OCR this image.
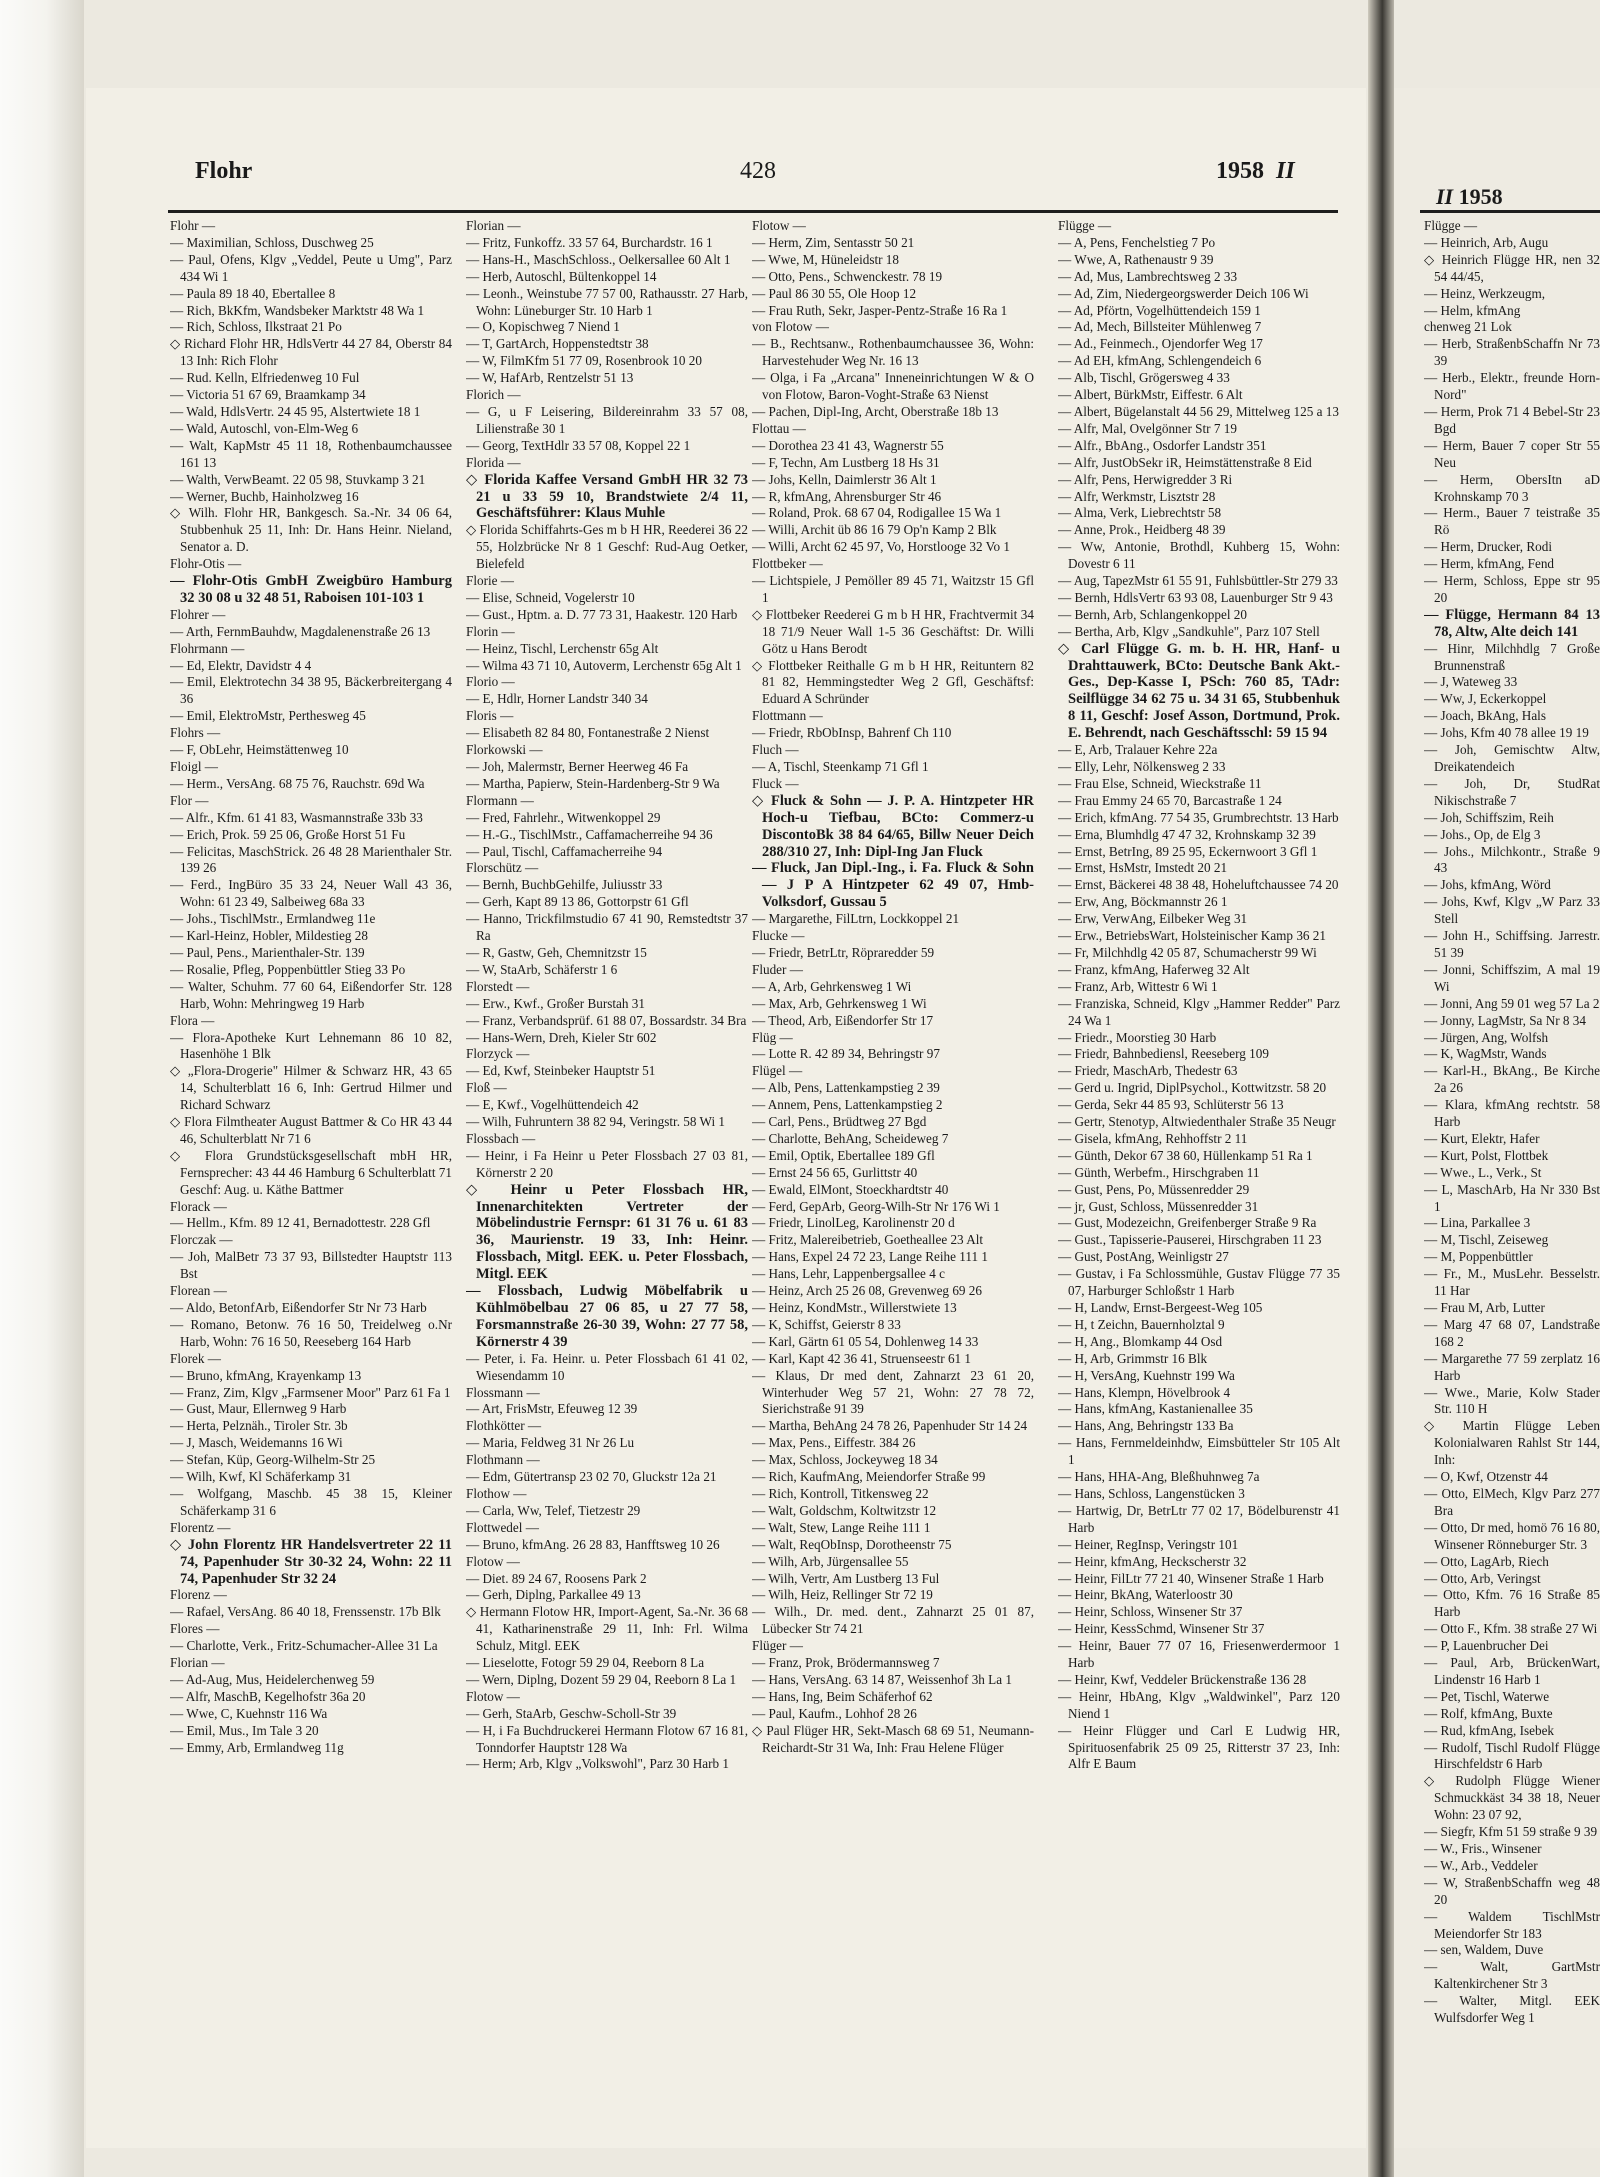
Flohr	428	1958 II
II 1958

Flohr —

— Maximilian, Schloss, Duschweg 25

— Paul, Ofens, Klgv „Veddel, Peute u Umg", Parz 434 Wi 1

— Paula 89 18 40, Ebertallee 8

— Rich, BkKfm, Wandsbeker Marktstr 48 Wa 1

— Rich, Schloss, Ilkstraat 21 Po

◇ Richard Flohr HR, HdlsVertr 44 27 84, Oberstr 84 13 Inh: Rich Flohr

— Rud. Kelln, Elfriedenweg 10 Ful

— Victoria 51 67 69, Braamkamp 34

— Wald, HdlsVertr. 24 45 95, Alstertwiete 18 1

— Wald, Autoschl, von-Elm-Weg 6

— Walt, KapMstr 45 11 18, Rothenbaumchaussee 161 13

— Walth, VerwBeamt. 22 05 98, Stuvkamp 3 21

— Werner, Buchb, Hainholzweg 16

◇ Wilh. Flohr HR, Bankgesch. Sa.-Nr. 34 06 64, Stubbenhuk 25 11, Inh: Dr. Hans Heinr. Nieland, Senator a. D.

Flohr-Otis —

— Flohr-Otis GmbH Zweigbüro Hamburg 32 30 08 u 32 48 51, Raboisen 101-103 1

Flohrer —

— Arth, FernmBauhdw, Magdalenenstraße 26 13

Flohrmann —

— Ed, Elektr, Davidstr 4 4

— Emil, Elektrotechn 34 38 95, Bäckerbreitergang 4 36

— Emil, ElektroMstr, Perthesweg 45

Flohrs —

— F, ObLehr, Heimstättenweg 10

Floigl —

— Herm., VersAng. 68 75 76, Rauchstr. 69d Wa

Flor —

— Alfr., Kfm. 61 41 83, Wasmannstraße 33b 33

— Erich, Prok. 59 25 06, Große Horst 51 Fu

— Felicitas, MaschStrick. 26 48 28 Marienthaler Str. 139 26

— Ferd., IngBüro 35 33 24, Neuer Wall 43 36, Wohn: 61 23 49, Salbeiweg 68a 33

— Johs., TischlMstr., Ermlandweg 11e

— Karl-Heinz, Hobler, Mildestieg 28

— Paul, Pens., Marienthaler-Str. 139

— Rosalie, Pfleg, Poppenbüttler Stieg 33 Po

— Walter, Schuhm. 77 60 64, Eißendorfer Str. 128 Harb, Wohn: Mehringweg 19 Harb

Flora —

— Flora-Apotheke Kurt Lehnemann 86 10 82, Hasenhöhe 1 Blk

◇ „Flora-Drogerie" Hilmer & Schwarz HR, 43 65 14, Schulterblatt 16 6, Inh: Gertrud Hilmer und Richard Schwarz

◇ Flora Filmtheater August Battmer & Co HR 43 44 46, Schulterblatt Nr 71 6

◇ Flora Grundstücksgesellschaft mbH HR, Fernsprecher: 43 44 46 Hamburg 6 Schulterblatt 71 Geschf: Aug. u. Käthe Battmer

Florack —

— Hellm., Kfm. 89 12 41, Bernadottestr. 228 Gfl

Florczak —

— Joh, MalBetr 73 37 93, Billstedter Hauptstr 113 Bst

Florean —

— Aldo, BetonfArb, Eißendorfer Str Nr 73 Harb

— Romano, Betonw. 76 16 50, Treidelweg o.Nr Harb, Wohn: 76 16 50, Reeseberg 164 Harb

Florek —

— Bruno, kfmAng, Krayenkamp 13

— Franz, Zim, Klgv „Farmsener Moor" Parz 61 Fa 1

— Gust, Maur, Ellernweg 9 Harb

— Herta, Pelznäh., Tiroler Str. 3b

— J, Masch, Weidemanns 16 Wi

— Stefan, Küp, Georg-Wilhelm-Str 25

— Wilh, Kwf, Kl Schäferkamp 31

— Wolfgang, Maschb. 45 38 15, Kleiner Schäferkamp 31 6

Florentz —

◇ John Florentz HR Handelsvertreter 22 11 74, Papenhuder Str 30-32 24, Wohn: 22 11 74, Papenhuder Str 32 24

Florenz —

— Rafael, VersAng. 86 40 18, Frenssenstr. 17b Blk

Flores —

— Charlotte, Verk., Fritz-Schumacher-Allee 31 La

Florian —

— Ad-Aug, Mus, Heidelerchenweg 59

— Alfr, MaschB, Kegelhofstr 36a 20

— Wwe, C, Kuehnstr 116 Wa

— Emil, Mus., Im Tale 3 20

— Emmy, Arb, Ermlandweg 11g

Florian —

— Fritz, Funkoffz. 33 57 64, Burchardstr. 16 1

— Hans-H., MaschSchloss., Oelkersallee 60 Alt 1

— Herb, Autoschl, Bültenkoppel 14

— Leonh., Weinstube 77 57 00, Rathausstr. 27 Harb, Wohn: Lüneburger Str. 10 Harb 1

— O, Kopischweg 7 Niend 1

— T, GartArch, Hoppenstedtstr 38

— W, FilmKfm 51 77 09, Rosenbrook 10 20

— W, HafArb, Rentzelstr 51 13

Florich —

— G, u F Leisering, Bildereinrahm 33 57 08, Lilienstraße 30 1

— Georg, TextHdlr 33 57 08, Koppel 22 1

Florida —

◇ Florida Kaffee Versand GmbH HR 32 73 21 u 33 59 10, Brandstwiete 2/4 11, Geschäftsführer: Klaus Muhle

◇ Florida Schiffahrts-Ges m b H HR, Reederei 36 22 55, Holzbrücke Nr 8 1 Geschf: Rud-Aug Oetker, Bielefeld

Florie —

— Elise, Schneid, Vogelerstr 10

— Gust., Hptm. a. D. 77 73 31, Haakestr. 120 Harb

Florin —

— Heinz, Tischl, Lerchenstr 65g Alt

— Wilma 43 71 10, Autoverm, Lerchenstr 65g Alt 1

Florio —

— E, Hdlr, Horner Landstr 340 34

Floris —

— Elisabeth 82 84 80, Fontanestraße 2 Nienst

Florkowski —

— Joh, Malermstr, Berner Heerweg 46 Fa

— Martha, Papierw, Stein-Hardenberg-Str 9 Wa

Flormann —

— Fred, Fahrlehr., Witwenkoppel 29

— H.-G., TischlMstr., Caffamacherreihe 94 36

— Paul, Tischl, Caffamacherreihe 94

Florschütz —

— Bernh, BuchbGehilfe, Juliusstr 33

— Gerh, Kapt 89 13 86, Gottorpstr 61 Gfl

— Hanno, Trickfilmstudio 67 41 90, Remstedtstr 37 Ra

— R, Gastw, Geh, Chemnitzstr 15

— W, StaArb, Schäferstr 1 6

Florstedt —

— Erw., Kwf., Großer Burstah 31

— Franz, Verbandsprüf. 61 88 07, Bossardstr. 34 Bra

— Hans-Wern, Dreh, Kieler Str 602

Florzyck —

— Ed, Kwf, Steinbeker Hauptstr 51

Floß —

— E, Kwf., Vogelhüttendeich 42

— Wilh, Fuhruntern 38 82 94, Veringstr. 58 Wi 1

Flossbach —

— Heinr, i Fa Heinr u Peter Flossbach 27 03 81, Körnerstr 2 20

◇ Heinr u Peter Flossbach HR, Innenarchitekten Vertreter der Möbelindustrie Fernspr: 61 31 76 u. 61 83 36, Maurienstr. 19 33, Inh: Heinr. Flossbach, Mitgl. EEK. u. Peter Flossbach, Mitgl. EEK

— Flossbach, Ludwig Möbelfabrik u Kühlmöbelbau 27 06 85, u 27 77 58, Forsmannstraße 26-30 39, Wohn: 27 77 58, Körnerstr 4 39

— Peter, i. Fa. Heinr. u. Peter Flossbach 61 41 02, Wiesendamm 10

Flossmann —

— Art, FrisMstr, Efeuweg 12 39

Flothkötter —

— Maria, Feldweg 31 Nr 26 Lu

Flothmann —

— Edm, Gütertransp 23 02 70, Gluckstr 12a 21

Flothow —

— Carla, Ww, Telef, Tietzestr 29

Flottwedel —

— Bruno, kfmAng. 26 28 83, Hanfftsweg 10 26

Flotow —

— Diet. 89 24 67, Roosens Park 2

— Gerh, Diplng, Parkallee 49 13

◇ Hermann Flotow HR, Import-Agent, Sa.-Nr. 36 68 41, Katharinenstraße 29 11, Inh: Frl. Wilma Schulz, Mitgl. EEK

— Lieselotte, Fotogr 59 29 04, Reeborn 8 La

— Wern, Diplng, Dozent 59 29 04, Reeborn 8 La 1

Flotow —

— Gerh, StaArb, Geschw-Scholl-Str 39

— H, i Fa Buchdruckerei Hermann Flotow 67 16 81, Tonndorfer Hauptstr 128 Wa

— Herm; Arb, Klgv „Volkswohl", Parz 30 Harb 1

Flotow —

— Herm, Zim, Sentasstr 50 21

— Wwe, M, Hüneleidstr 18

— Otto, Pens., Schwenckestr. 78 19

— Paul 86 30 55, Ole Hoop 12

— Frau Ruth, Sekr, Jasper-Pentz-Straße 16 Ra 1

von Flotow —

— B., Rechtsanw., Rothenbaumchaussee 36, Wohn: Harvestehuder Weg Nr. 16 13

— Olga, i Fa „Arcana" Inneneinrichtungen W & O von Flotow, Baron-Voght-Straße 63 Nienst

— Pachen, Dipl-Ing, Archt, Oberstraße 18b 13

Flottau —

— Dorothea 23 41 43, Wagnerstr 55

— F, Techn, Am Lustberg 18 Hs 31

— Johs, Kelln, Daimlerstr 36 Alt 1

— R, kfmAng, Ahrensburger Str 46

— Roland, Prok. 68 67 04, Rodigallee 15 Wa 1

— Willi, Archit üb 86 16 79 Op'n Kamp 2 Blk

— Willi, Archt 62 45 97, Vo, Horstlooge 32 Vo 1

Flottbeker —

— Lichtspiele, J Pemöller 89 45 71, Waitzstr 15 Gfl 1

◇ Flottbeker Reederei G m b H HR, Frachtvermit 34 18 71/9 Neuer Wall 1-5 36 Geschäftst: Dr. Willi Götz u Hans Berodt

◇ Flottbeker Reithalle G m b H HR, Reituntern 82 81 82, Hemmingstedter Weg 2 Gfl, Geschäftsf: Eduard A Schründer

Flottmann —

— Friedr, RbObInsp, Bahrenf Ch 110

Fluch —

— A, Tischl, Steenkamp 71 Gfl 1

Fluck —

◇ Fluck & Sohn — J. P. A. Hintzpeter HR Hoch-u Tiefbau, BCto: Commerz-u DiscontoBk 38 84 64/65, Billw Neuer Deich 288/310 27, Inh: Dipl-Ing Jan Fluck

— Fluck, Jan Dipl.-Ing., i. Fa. Fluck & Sohn — J P A Hintzpeter 62 49 07, Hmb-Volksdorf, Gussau 5

— Margarethe, FilLtrn, Lockkoppel 21

Flucke —

— Friedr, BetrLtr, Röpraredder 59

Fluder —

— A, Arb, Gehrkensweg 1 Wi

— Max, Arb, Gehrkensweg 1 Wi

— Theod, Arb, Eißendorfer Str 17

Flüg —

— Lotte R. 42 89 34, Behringstr 97

Flügel —

— Alb, Pens, Lattenkampstieg 2 39

— Annem, Pens, Lattenkampstieg 2

— Carl, Pens., Brüdtweg 27 Bgd

— Charlotte, BehAng, Scheideweg 7

— Emil, Optik, Ebertallee 189 Gfl

— Ernst 24 56 65, Gurlittstr 40

— Ewald, ElMont, Stoeckhardtstr 40

— Ferd, GepArb, Georg-Wilh-Str Nr 176 Wi 1

— Friedr, LinolLeg, Karolinenstr 20 d

— Fritz, Malereibetrieb, Goetheallee 23 Alt

— Hans, Expel 24 72 23, Lange Reihe 111 1

— Hans, Lehr, Lappenbergsallee 4 c

— Heinz, Arch 25 26 08, Grevenweg 69 26

— Heinz, KondMstr., Willerstwiete 13

— K, Schiffst, Geierstr 8 33

— Karl, Gärtn 61 05 54, Dohlenweg 14 33

— Karl, Kapt 42 36 41, Struenseestr 61 1

— Klaus, Dr med dent, Zahnarzt 23 61 20, Winterhuder Weg 57 21, Wohn: 27 78 72, Sierichstraße 91 39

— Martha, BehAng 24 78 26, Papenhuder Str 14 24

— Max, Pens., Eiffestr. 384 26

— Max, Schloss, Jockeyweg 18 34

— Rich, KaufmAng, Meiendorfer Straße 99

— Rich, Kontroll, Titkensweg 22

— Walt, Goldschm, Koltwitzstr 12

— Walt, Stew, Lange Reihe 111 1

— Walt, ReqObInsp, Dorotheenstr 75

— Wilh, Arb, Jürgensallee 55

— Wilh, Vertr, Am Lustberg 13 Ful

— Wilh, Heiz, Rellinger Str 72 19

— Wilh., Dr. med. dent., Zahnarzt 25 01 87, Lübecker Str 74 21

Flüger —

— Franz, Prok, Brödermannsweg 7

— Hans, VersAng. 63 14 87, Weissenhof 3h La 1

— Hans, Ing, Beim Schäferhof 62

— Paul, Kaufm., Lohhof 28 26

◇ Paul Flüger HR, Sekt-Masch 68 69 51, Neumann-Reichardt-Str 31 Wa, Inh: Frau Helene Flüger

Flügge —

— A, Pens, Fenchelstieg 7 Po

— Wwe, A, Rathenaustr 9 39

— Ad, Mus, Lambrechtsweg 2 33

— Ad, Zim, Niedergeorgswerder Deich 106 Wi

— Ad, Pförtn, Vogelhüttendeich 159 1

— Ad, Mech, Billsteiter Mühlenweg 7

— Ad., Feinmech., Ojendorfer Weg 17

— Ad EH, kfmAng, Schlengendeich 6

— Alb, Tischl, Grögersweg 4 33

— Albert, BürkMstr, Eiffestr. 6 Alt

— Albert, Bügelanstalt 44 56 29, Mittelweg 125 a 13

— Alfr, Mal, Ovelgönner Str 7 19

— Alfr., BbAng., Osdorfer Landstr 351

— Alfr, JustObSekr iR, Heimstättenstraße 8 Eid

— Alfr, Pens, Herwigredder 3 Ri

— Alfr, Werkmstr, Lisztstr 28

— Alma, Verk, Liebrechtstr 58

— Anne, Prok., Heidberg 48 39

— Ww, Antonie, Brothdl, Kuhberg 15, Wohn: Dovestr 6 11

— Aug, TapezMstr 61 55 91, Fuhlsbüttler-Str 279 33

— Bernh, HdlsVertr 63 93 08, Lauenburger Str 9 43

— Bernh, Arb, Schlangenkoppel 20

— Bertha, Arb, Klgv „Sandkuhle", Parz 107 Stell

◇ Carl Flügge G. m. b. H. HR, Hanf- u Drahttauwerk, BCto: Deutsche Bank Akt.-Ges., Dep-Kasse I, PSch: 760 85, TAdr: Seilflügge 34 62 75 u. 34 31 65, Stubbenhuk 8 11, Geschf: Josef Asson, Dortmund, Prok. E. Behrendt, nach Geschäftsschl: 59 15 94

— E, Arb, Tralauer Kehre 22a

— Elly, Lehr, Nölkensweg 2 33

— Frau Else, Schneid, Wieckstraße 11

— Frau Emmy 24 65 70, Barcastraße 1 24

— Erich, kfmAng. 77 54 35, Grumbrechtstr. 13 Harb

— Erna, Blumhdlg 47 47 32, Krohnskamp 32 39

— Ernst, BetrIng, 89 25 95, Eckernwoort 3 Gfl 1

— Ernst, HsMstr, Imstedt 20 21

— Ernst, Bäckerei 48 38 48, Hoheluftchaussee 74 20

— Erw, Ang, Böckmannstr 26 1

— Erw, VerwAng, Eilbeker Weg 31

— Erw., BetriebsWart, Holsteinischer Kamp 36 21

— Fr, Milchhdlg 42 05 87, Schumacherstr 99 Wi

— Franz, kfmAng, Haferweg 32 Alt

— Franz, Arb, Wittestr 6 Wi 1

— Franziska, Schneid, Klgv „Hammer Redder" Parz 24 Wa 1

— Friedr., Moorstieg 30 Harb

— Friedr, Bahnbediensl, Reeseberg 109

— Friedr, MaschArb, Thedestr 63

— Gerd u. Ingrid, DiplPsychol., Kottwitzstr. 58 20

— Gerda, Sekr 44 85 93, Schlüterstr 56 13

— Gertr, Stenotyp, Altwiedenthaler Straße 35 Neugr

— Gisela, kfmAng, Rehhoffstr 2 11

— Günth, Dekor 67 38 60, Hüllenkamp 51 Ra 1

— Günth, Werbefm., Hirschgraben 11

— Gust, Pens, Po, Müssenredder 29

— jr, Gust, Schloss, Müssenredder 31

— Gust, Modezeichn, Greifenberger Straße 9 Ra

— Gust., Tapisserie-Pauserei, Hirschgraben 11 23

— Gust, PostAng, Weinligstr 27

— Gustav, i Fa Schlossmühle, Gustav Flügge 77 35 07, Harburger Schloßstr 1 Harb

— H, Landw, Ernst-Bergeest-Weg 105

— H, t Zeichn, Bauernholztal 9

— H, Ang., Blomkamp 44 Osd

— H, Arb, Grimmstr 16 Blk

— H, VersAng, Kuehnstr 199 Wa

— Hans, Klempn, Hövelbrook 4

— Hans, kfmAng, Kastanienallee 35

— Hans, Ang, Behringstr 133 Ba

— Hans, Fernmeldeinhdw, Eimsbütteler Str 105 Alt 1

— Hans, HHA-Ang, Bleßhuhnweg 7a

— Hans, Schloss, Langenstücken 3

— Hartwig, Dr, BetrLtr 77 02 17, Bödelburenstr 41 Harb

— Heiner, RegInsp, Veringstr 101

— Heinr, kfmAng, Heckscherstr 32

— Heinr, FilLtr 77 21 40, Winsener Straße 1 Harb

— Heinr, BkAng, Waterloostr 30

— Heinr, Schloss, Winsener Str 37

— Heinr, KessSchmd, Winsener Str 37

— Heinr, Bauer 77 07 16, Friesenwerdermoor 1 Harb

— Heinr, Kwf, Veddeler Brückenstraße 136 28

— Heinr, HbAng, Klgv „Waldwinkel", Parz 120 Niend 1

— Heinr Flügger und Carl E Ludwig HR, Spirituosenfabrik 25 09 25, Ritterstr 37 23, Inh: Alfr E Baum

Flügge —

— Heinrich, Arb, Augu

◇ Heinrich Flügge HR, nen 32 54 44/45,

— Heinz, Werkzeugm,

— Helm, kfmAng

chenweg 21 Lok

— Herb, StraßenbSchaffn Nr 73 39

— Herb., Elektr., freunde Horn-Nord"

— Herm, Prok 71 4 Bebel-Str 23 Bgd

— Herm, Bauer 7 coper Str 55 Neu

— Herm, ObersItn aD Krohnskamp 70 3

— Herm., Bauer 7 teistraße 35 Rö

— Herm, Drucker, Rodi

— Herm, kfmAng, Fend

— Herm, Schloss, Eppe str 95 20

— Flügge, Hermann 84 13 78, Altw, Alte deich 141

— Hinr, Milchhdlg 7 Große Brunnenstraß

— J, Wateweg 33

— Ww, J, Eckerkoppel

— Joach, BkAng, Hals

— Johs, Kfm 40 78 allee 19 19

— Joh, Gemischtw Altw, Dreikatendeich

— Joh, Dr, StudRat Nikischstraße 7

— Joh, Schiffszim, Reih

— Johs., Op, de Elg 3

— Johs., Milchkontr., Straße 9 43

— Johs, kfmAng, Wörd

— Johs, Kwf, Klgv „W Parz 33 Stell

— John H., Schiffsing. Jarrestr. 51 39

— Jonni, Schiffszim, A mal 19 Wi

— Jonni, Ang 59 01 weg 57 La 2

— Jonny, LagMstr, Sa Nr 8 34

— Jürgen, Ang, Wolfsh

— K, WagMstr, Wands

— Karl-H., BkAng., Be Kirche 2a 26

— Klara, kfmAng rechtstr. 58 Harb

— Kurt, Elektr, Hafer

— Kurt, Polst, Flottbek

— Wwe., L., Verk., St

— L, MaschArb, Ha Nr 330 Bst 1

— Lina, Parkallee 3

— M, Tischl, Zeiseweg

— M, Poppenbüttler

— Fr., M., MusLehr. Besselstr. 11 Har

— Frau M, Arb, Lutter

— Marg 47 68 07, Landstraße 168 2

— Margarethe 77 59 zerplatz 16 Harb

— Wwe., Marie, Kolw Stader Str. 110 H

◇ Martin Flügge Leben Kolonialwaren Rahlst Str 144, Inh:

— O, Kwf, Otzenstr 44

— Otto, ElMech, Klgv Parz 277 Bra

— Otto, Dr med, homö 76 16 80, Winsener Rönneburger Str. 3

— Otto, LagArb, Riech

— Otto, Arb, Veringst

— Otto, Kfm. 76 16 Straße 85 Harb

— Otto F., Kfm. 38 straße 27 Wi

— P, Lauenbrucher Dei

— Paul, Arb, BrückenWart, Lindenstr 16 Harb 1

— Pet, Tischl, Waterwe

— Rolf, kfmAng, Buxte

— Rud, kfmAng, Isebek

— Rudolf, Tischl Rudolf Flügge Hirschfeldstr 6 Harb

◇ Rudolph Flügge Wiener Schmuckkäst 34 38 18, Neuer Wohn: 23 07 92,

— Siegfr, Kfm 51 59 straße 9 39

— W., Fris., Winsener

— W., Arb., Veddeler

— W, StraßenbSchaffn weg 48 20

— Waldem TischlMstr Meiendorfer Str 183

— sen, Waldem, Duve

— Walt, GartMstr Kaltenkirchener Str 3

— Walter, Mitgl. EEK Wulfsdorfer Weg 1
